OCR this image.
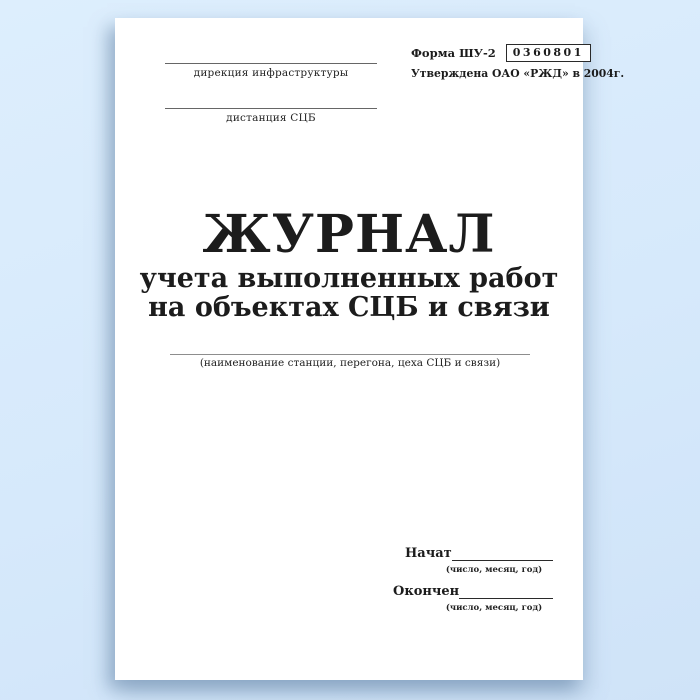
дирекция инфраструктуры
дистанция СЦБ
Форма ШУ-2	0360801
Утверждена ОАО «РЖД» в 2004г.
ЖУРНАЛ
учета выполненных работ
на объектах СЦБ и связи
(наименование станции, перегона, цеха СЦБ и связи)
Начат
(число, месяц, год)
Окончен
(число, месяц, год)
